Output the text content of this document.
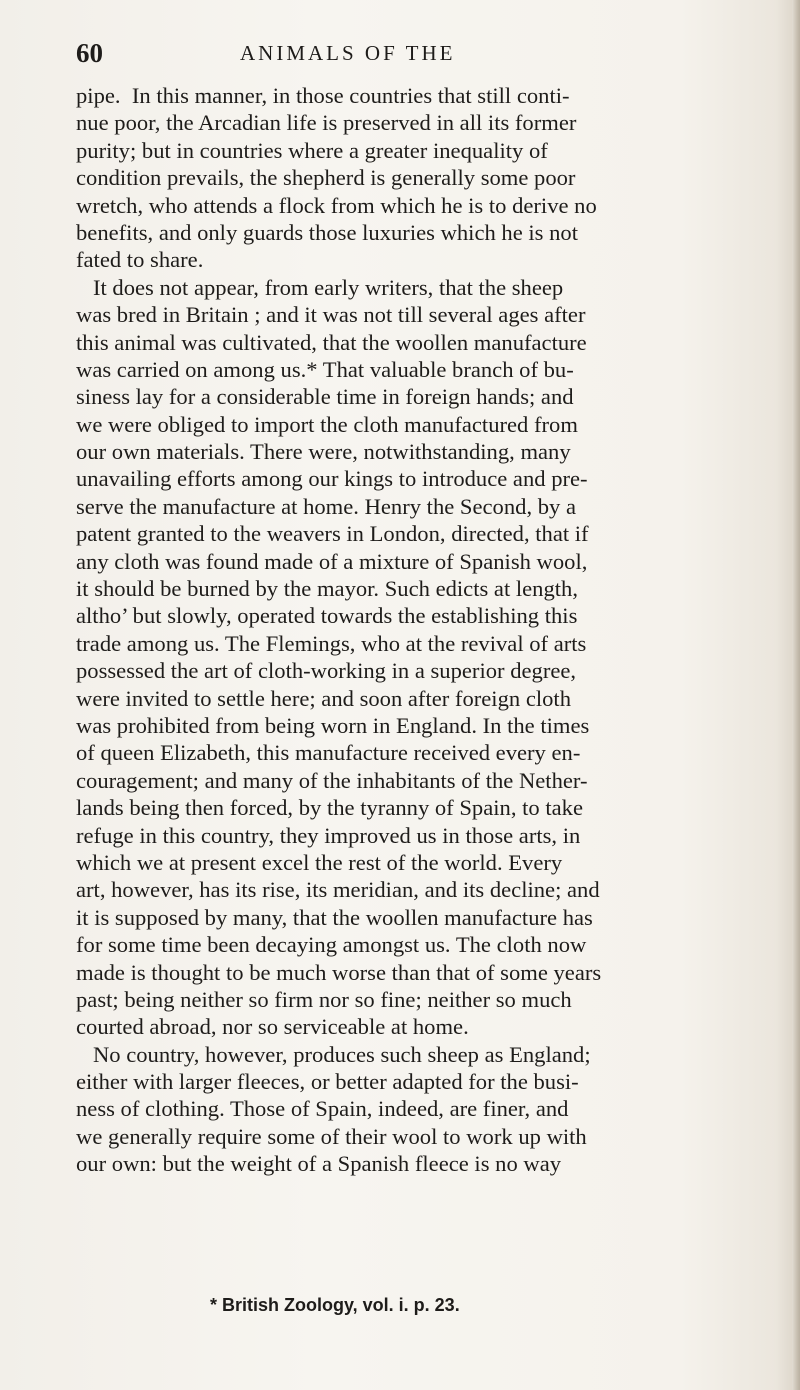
60	ANIMALS OF THE
pipe.  In this manner, in those countries that still conti-
nue poor, the Arcadian life is preserved in all its former
purity; but in countries where a greater inequality of
condition prevails, the shepherd is generally some poor
wretch, who attends a flock from which he is to derive no
benefits, and only guards those luxuries which he is not
fated to share.
It does not appear, from early writers, that the sheep
was bred in Britain ; and it was not till several ages after
this animal was cultivated, that the woollen manufacture
was carried on among us.* That valuable branch of bu-
siness lay for a considerable time in foreign hands; and
we were obliged to import the cloth manufactured from
our own materials. There were, notwithstanding, many
unavailing efforts among our kings to introduce and pre-
serve the manufacture at home. Henry the Second, by a
patent granted to the weavers in London, directed, that if
any cloth was found made of a mixture of Spanish wool,
it should be burned by the mayor. Such edicts at length,
altho’ but slowly, operated towards the establishing this
trade among us. The Flemings, who at the revival of arts
possessed the art of cloth-working in a superior degree,
were invited to settle here; and soon after foreign cloth
was prohibited from being worn in England. In the times
of queen Elizabeth, this manufacture received every en-
couragement; and many of the inhabitants of the Nether-
lands being then forced, by the tyranny of Spain, to take
refuge in this country, they improved us in those arts, in
which we at present excel the rest of the world. Every
art, however, has its rise, its meridian, and its decline; and
it is supposed by many, that the woollen manufacture has
for some time been decaying amongst us. The cloth now
made is thought to be much worse than that of some years
past; being neither so firm nor so fine; neither so much
courted abroad, nor so serviceable at home.
No country, however, produces such sheep as England;
either with larger fleeces, or better adapted for the busi-
ness of clothing. Those of Spain, indeed, are finer, and
we generally require some of their wool to work up with
our own: but the weight of a Spanish fleece is no way
* British Zoology, vol. i. p. 23.
